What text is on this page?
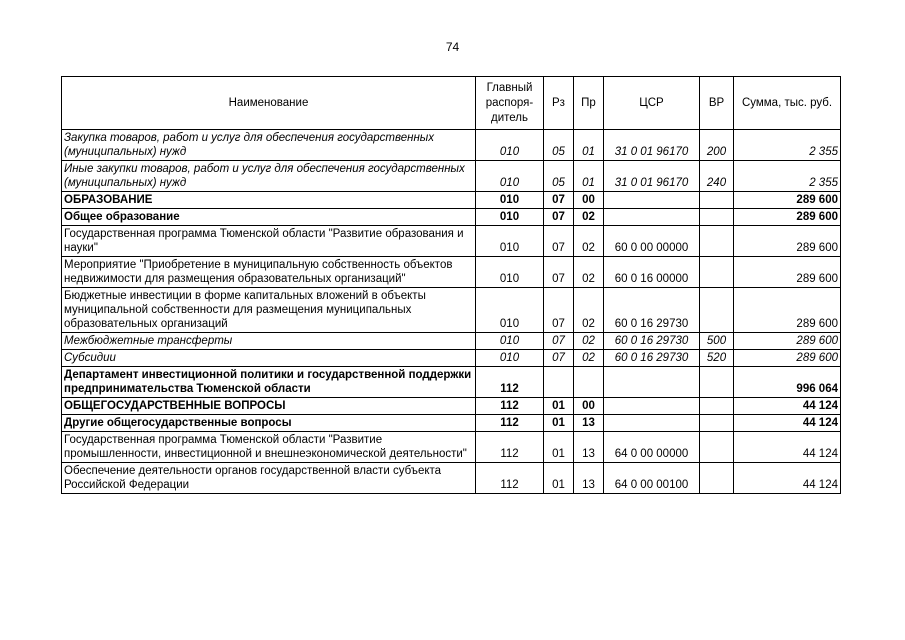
74
Наименование	Главный распоря-дитель	Рз	Пр	ЦСР	ВР	Сумма, тыс. руб.
Закупка товаров, работ и услуг для обеспечения государственных (муниципальных) нужд	010	05	01	31 0 01 96170	200	2 355
Иные закупки товаров, работ и услуг для обеспечения государственных (муниципальных) нужд	010	05	01	31 0 01 96170	240	2 355
ОБРАЗОВАНИЕ	010	07	00			289 600
Общее образование	010	07	02			289 600
Государственная программа Тюменской области "Развитие образования и науки"	010	07	02	60 0 00 00000		289 600
Мероприятие "Приобретение в муниципальную собственность объектов недвижимости для размещения образовательных организаций"	010	07	02	60 0 16 00000		289 600
Бюджетные инвестиции в форме капитальных вложений в объекты муниципальной собственности для размещения муниципальных образовательных организаций	010	07	02	60 0 16 29730		289 600
Межбюджетные трансферты	010	07	02	60 0 16 29730	500	289 600
Субсидии	010	07	02	60 0 16 29730	520	289 600
Департамент инвестиционной политики и государственной поддержки предпринимательства Тюменской области	112					996 064
ОБЩЕГОСУДАРСТВЕННЫЕ ВОПРОСЫ	112	01	00			44 124
Другие общегосударственные вопросы	112	01	13			44 124
Государственная программа Тюменской области "Развитие промышленности, инвестиционной и внешнеэкономической деятельности"	112	01	13	64 0 00 00000		44 124
Обеспечение деятельности органов государственной власти субъекта Российской Федерации	112	01	13	64 0 00 00100		44 124
